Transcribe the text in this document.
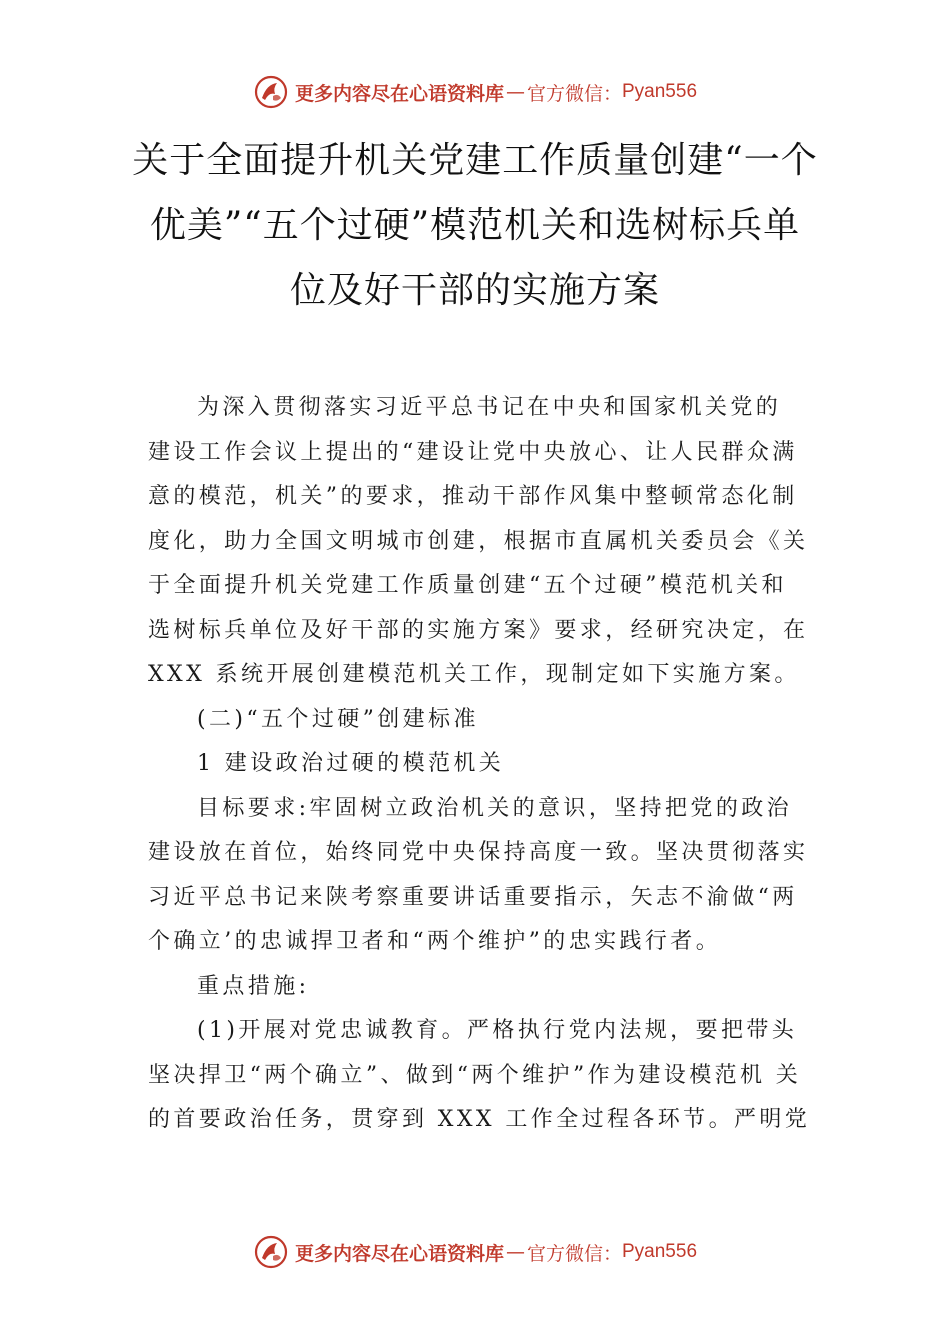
更多内容尽在心语资料库 — 官方微信： Pyan556
关于全面提升机关党建工作质量创建“一个
优美”“五个过硬”模范机关和选树标兵单
位及好干部的实施方案
为深入贯彻落实习近平总书记在中央和国家机关党的
建设工作会议上提出的“建设让党中央放心、让人民群众满
意的模范，机关”的要求，推动干部作风集中整顿常态化制
度化，助力全国文明城市创建，根据市直属机关委员会《关
于全面提升机关党建工作质量创建“五个过硬”模范机关和
选树标兵单位及好干部的实施方案》要求，经研究决定，在
XXX 系统开展创建模范机关工作，现制定如下实施方案。
(二)“五个过硬”创建标准
1 建设政治过硬的模范机关
目标要求:牢固树立政治机关的意识，坚持把党的政治
建设放在首位，始终同党中央保持高度一致。坚决贯彻落实
习近平总书记来陕考察重要讲话重要指示，矢志不渝做“两
个确立’的忠诚捍卫者和“两个维护”的忠实践行者。
重点措施:
(1)开展对党忠诚教育。严格执行党内法规，要把带头
坚决捍卫“两个确立”、做到“两个维护”作为建设模范机 关
的首要政治任务，贯穿到 XXX 工作全过程各环节。严明党
更多内容尽在心语资料库 — 官方微信： Pyan556
